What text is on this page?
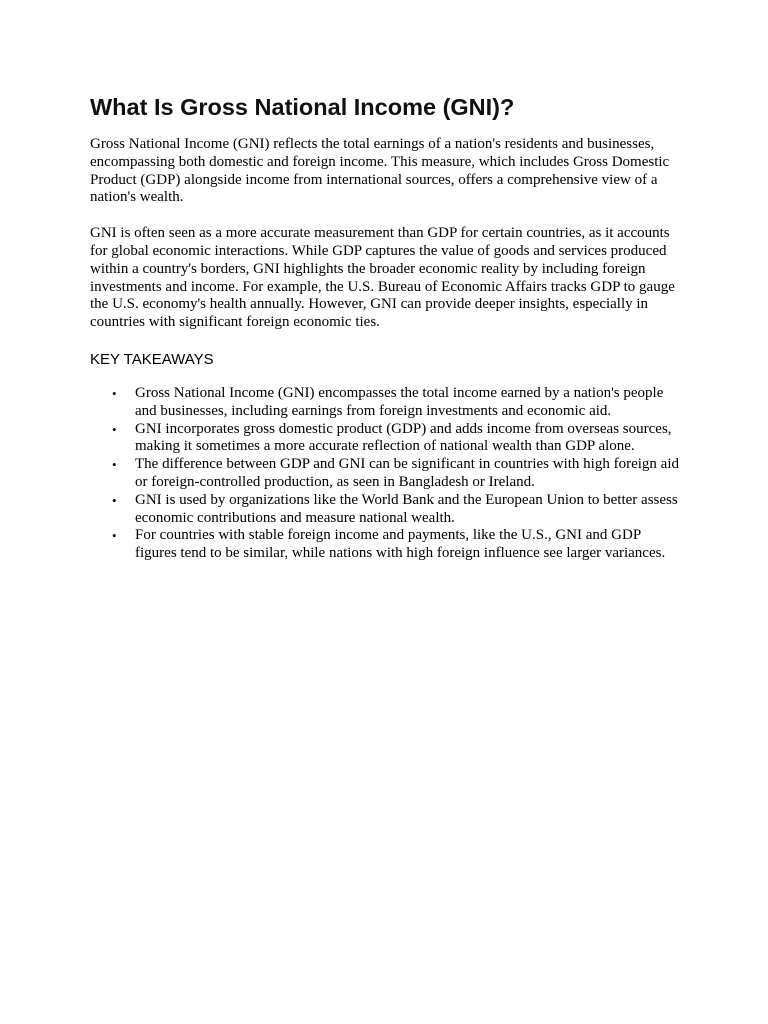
What Is Gross National Income (GNI)?

Gross National Income (GNI) reflects the total earnings of a nation's residents and businesses, encompassing both domestic and foreign income. This measure, which includes Gross Domestic Product (GDP) alongside income from international sources, offers a comprehensive view of a nation's wealth.

GNI is often seen as a more accurate measurement than GDP for certain countries, as it accounts for global economic interactions. While GDP captures the value of goods and services produced within a country's borders, GNI highlights the broader economic reality by including foreign investments and income. For example, the U.S. Bureau of Economic Affairs tracks GDP to gauge the U.S. economy's health annually. However, GNI can provide deeper insights, especially in countries with significant foreign economic ties.

KEY TAKEAWAYS
• Gross National Income (GNI) encompasses the total income earned by a nation's people and businesses, including earnings from foreign investments and economic aid.
• GNI incorporates gross domestic product (GDP) and adds income from overseas sources, making it sometimes a more accurate reflection of national wealth than GDP alone.
• The difference between GDP and GNI can be significant in countries with high foreign aid or foreign-controlled production, as seen in Bangladesh or Ireland.
• GNI is used by organizations like the World Bank and the European Union to better assess economic contributions and measure national wealth.
• For countries with stable foreign income and payments, like the U.S., GNI and GDP figures tend to be similar, while nations with high foreign influence see larger variances.
